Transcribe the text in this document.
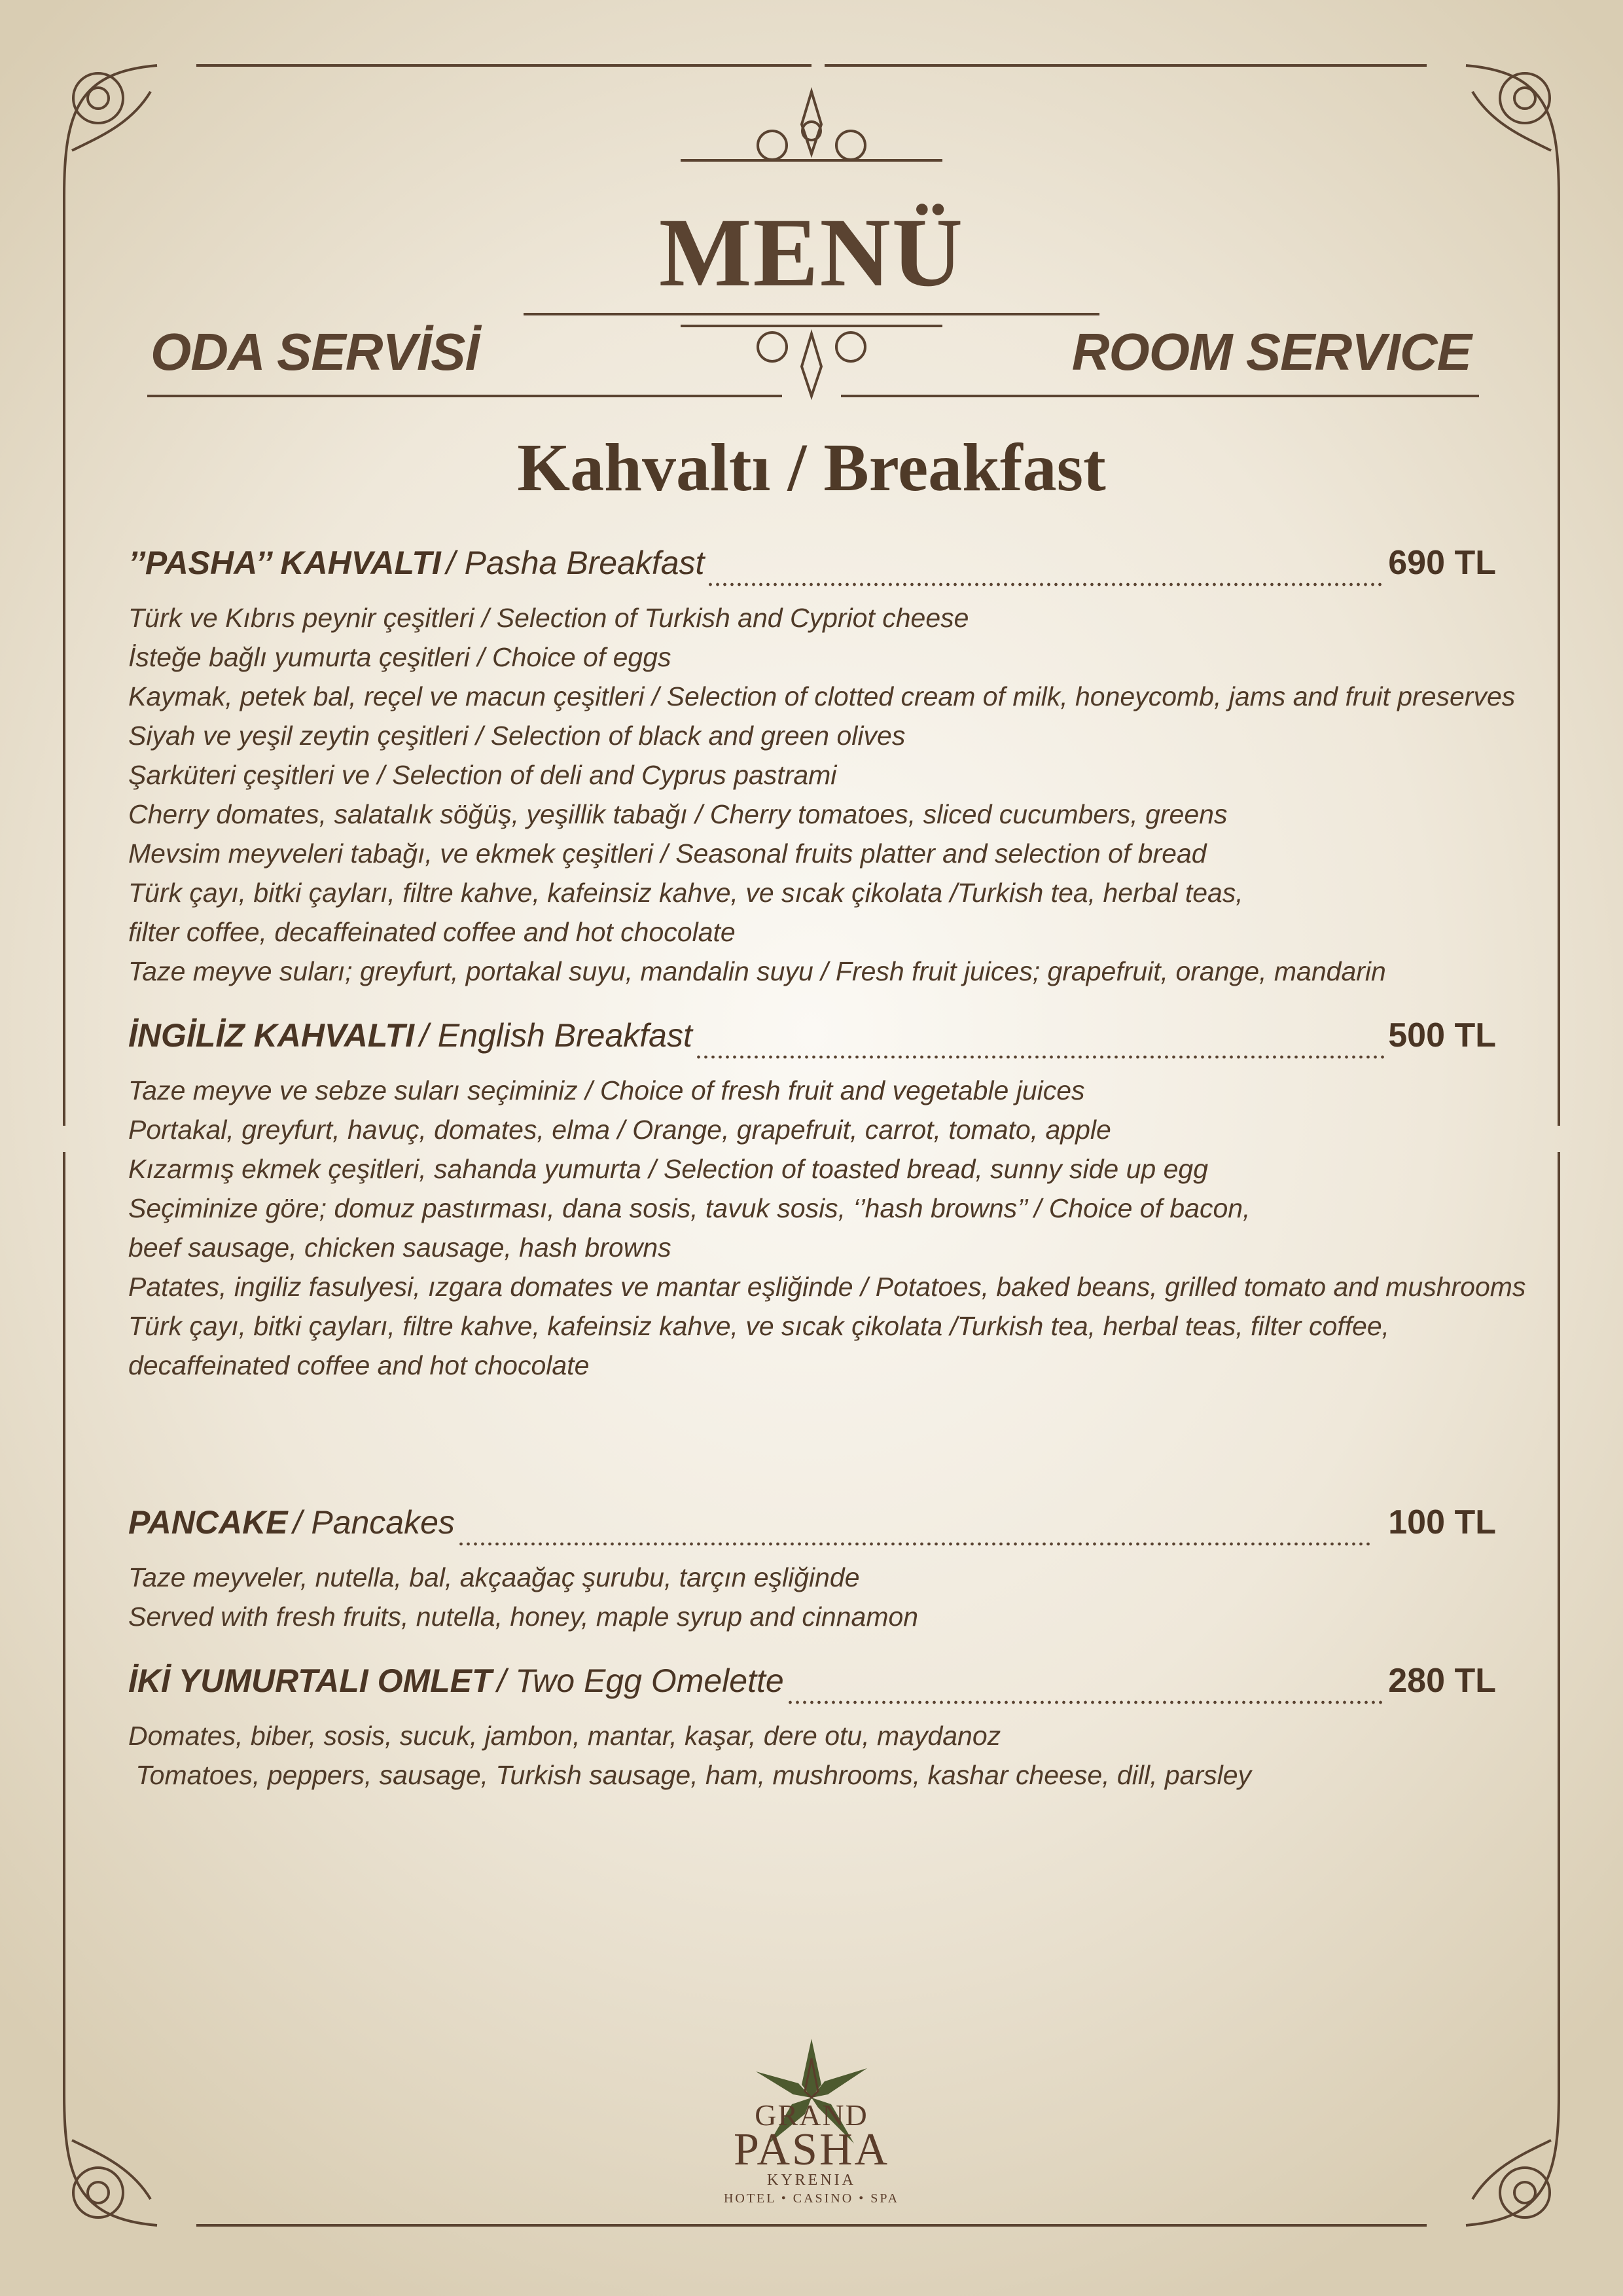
MENÜ
ODA SERVİSİ	ROOM SERVICE
Kahvaltı / Breakfast
’’PASHA’’ KAHVALTI / Pasha Breakfast	690 TL
Türk ve Kıbrıs peynir çeşitleri / Selection of Turkish and Cypriot cheese
İsteğe bağlı yumurta çeşitleri / Choice of eggs
Kaymak, petek bal, reçel ve macun çeşitleri / Selection of clotted cream of milk, honeycomb, jams and fruit preserves
Siyah ve yeşil zeytin çeşitleri / Selection of black and green olives
Şarküteri çeşitleri ve / Selection of deli and Cyprus pastrami
Cherry domates, salatalık söğüş, yeşillik tabağı / Cherry tomatoes, sliced cucumbers, greens
Mevsim meyveleri tabağı, ve ekmek çeşitleri / Seasonal fruits platter and selection of bread
Türk çayı, bitki çayları, filtre kahve, kafeinsiz kahve, ve sıcak çikolata /Turkish tea, herbal teas,
filter coffee, decaffeinated coffee and hot chocolate
Taze meyve suları; greyfurt, portakal suyu, mandalin suyu / Fresh fruit juices; grapefruit, orange, mandarin
İNGİLİZ KAHVALTI / English Breakfast	500 TL
Taze meyve ve sebze suları seçiminiz / Choice of fresh fruit and vegetable juices
Portakal, greyfurt, havuç, domates, elma / Orange, grapefruit, carrot, tomato, apple
Kızarmış ekmek çeşitleri, sahanda yumurta / Selection of toasted bread, sunny side up egg
Seçiminize göre; domuz pastırması, dana sosis, tavuk sosis, ‘’hash browns’’ / Choice of bacon,
beef sausage, chicken sausage, hash browns
Patates, ingiliz fasulyesi, ızgara domates ve mantar eşliğinde / Potatoes, baked beans, grilled tomato and mushrooms
Türk çayı, bitki çayları, filtre kahve, kafeinsiz kahve, ve sıcak çikolata /Turkish tea, herbal teas, filter coffee,
decaffeinated coffee and hot chocolate
PANCAKE / Pancakes	100 TL
Taze meyveler, nutella, bal, akçaağaç şurubu, tarçın eşliğinde
Served with fresh fruits, nutella, honey, maple syrup and cinnamon
İKİ YUMURTALI OMLET / Two Egg Omelette	280 TL
Domates, biber, sosis, sucuk, jambon, mantar, kaşar, dere otu, maydanoz
Tomatoes, peppers, sausage, Turkish sausage, ham, mushrooms, kashar cheese, dill, parsley
GRAND
PASHA
KYRENIA
HOTEL • CASINO • SPA
